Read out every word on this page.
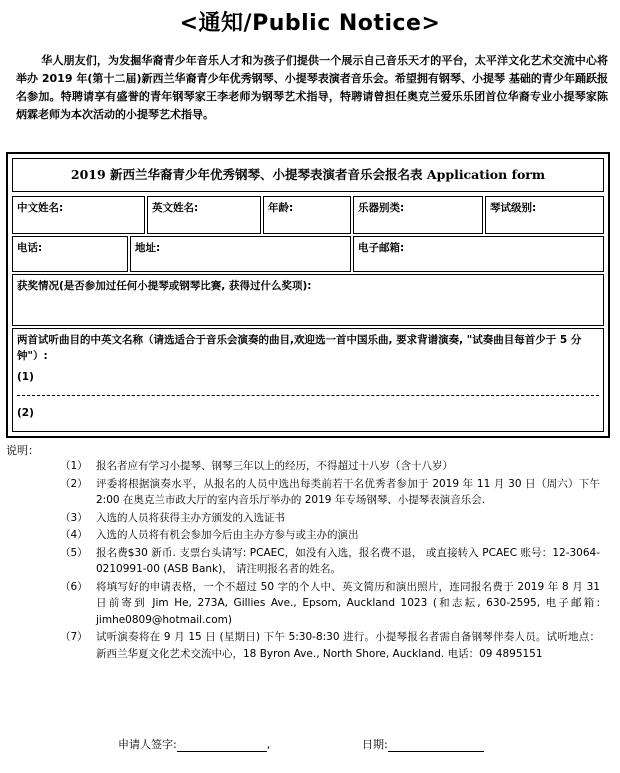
<通知/Public Notice>
华人朋友们，为发掘华裔青少年音乐人才和为孩子们提供一个展示自己音乐天才的平台，太平洋文化艺术交流中心将举办 2019 年(第十二届)新西兰华裔青少年优秀钢琴、小提琴表演者音乐会。希望拥有钢琴、小提琴 基础的青少年踊跃报名参加。特聘请享有盛誉的青年钢琴家王李老师为钢琴艺术指导，特聘请曾担任奥克兰爱乐乐团首位华裔专业小提琴家陈炳霖老师为本次活动的小提琴艺术指导。
2019 新西兰华裔青少年优秀钢琴、小提琴表演者音乐会报名表 Application form
中文姓名:	英文姓名:	年龄:	乐器别类:	琴试级别:
电话:	地址:	电子邮箱:
获奖情况(是否参加过任何小提琴或钢琴比赛, 获得过什么奖项):
两首试听曲目的中英文名称（请选适合于音乐会演奏的曲目,欢迎选一首中国乐曲, 要求背谱演奏, "试奏曲目每首少于 5 分钟"）:
(1)
(2)
说明：
（1） 报名者应有学习小提琴、钢琴三年以上的经历，不得超过十八岁（含十八岁）
（2） 评委将根据演奏水平，从报名的人员中选出每类前若干名优秀者参加于 2019 年 11 月 30 日（周六）下午 2:00 在奥克兰市政大厅的室内音乐厅举办的 2019 年专场钢琴、小提琴表演音乐会.
（3） 入选的人员将获得主办方颁发的入选证书
（4） 入选的人员将有机会参加今后由主办方参与或主办的演出
（5） 报名费$30 新币. 支票台头请写: PCAEC，如没有入选，报名费不退， 或直接转入 PCAEC 账号：12-3064-0210991-00 (ASB Bank)， 请注明报名者的姓名。
（6） 将填写好的申请表格，一个不超过 50 字的个人中、英文简历和演出照片，连同报名费于 2019 年 8 月 31 日前寄到 Jim He, 273A, Gillies Ave., Epsom, Auckland 1023 (和志耘, 630-2595, 电子邮箱: jimhe0809@hotmail.com)
（7） 试听演奏将在 9 月 15 日 (星期日) 下午 5:30-8:30 进行。小提琴报名者需自备钢琴伴奏人员。试听地点：新西兰华夏文化艺术交流中心，18 Byron Ave., North Shore, Auckland. 电话：09 4895151
申请人签字:	,	日期:
